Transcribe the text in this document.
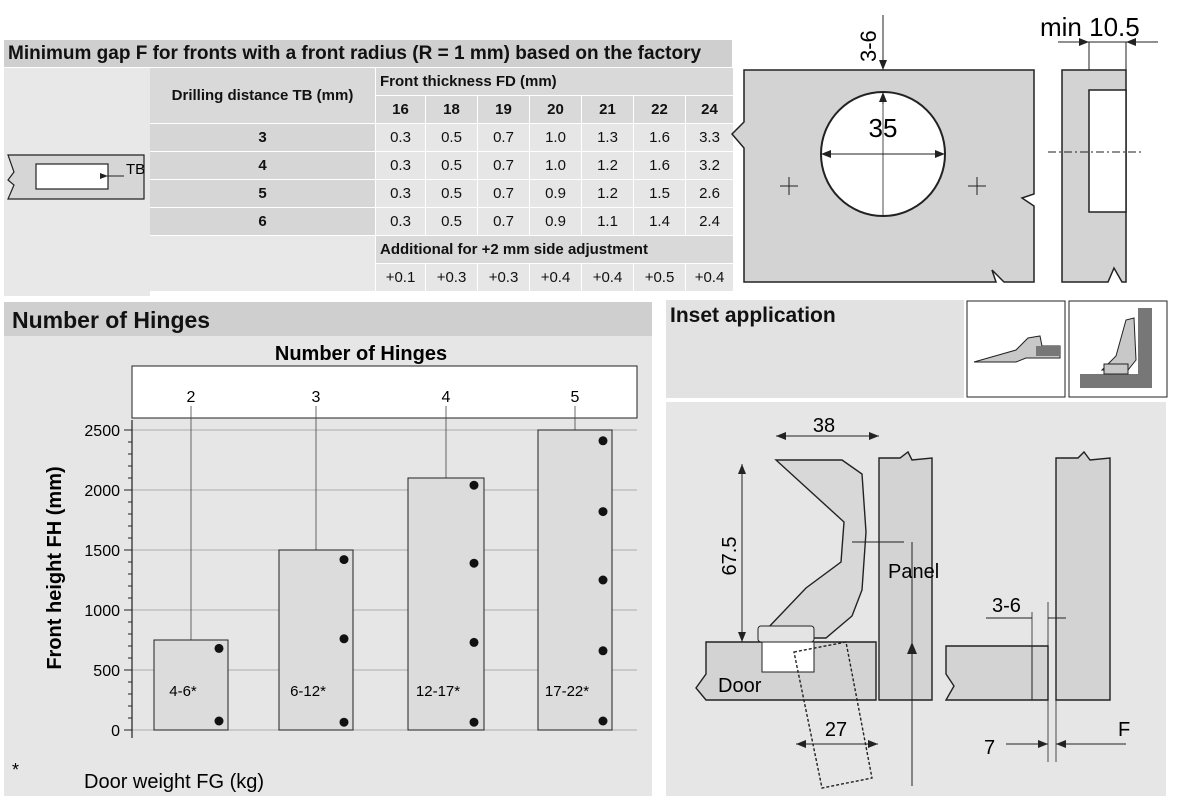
Minimum gap F for fronts with a front radius (R = 1 mm) based on the factory
TB
Drilling distance TB (mm)	Front thickness FD (mm)						
	16	18	19	20	21	22	24
3	0.3	0.5	0.7	1.0	1.3	1.6	3.3
4	0.3	0.5	0.7	1.0	1.2	1.6	3.2
5	0.3	0.5	0.7	0.9	1.2	1.5	2.6
6	0.3	0.5	0.7	0.9	1.1	1.4	2.4
	Additional for +2 mm side adjustment						
	+0.1	+0.3	+0.3	+0.4	+0.4	+0.5	+0.4
35
3-6
min 10.5
Number of Hinges
Number of Hinges
4-6*	6-12*	12-17*	17-22*
0
500
1000
1500
2000
2500
2	3	4	5
Front height FH (mm)
*
Door weight FG (kg)
Inset application
38
67.5	Panel
Door
27
3-6
7
F
